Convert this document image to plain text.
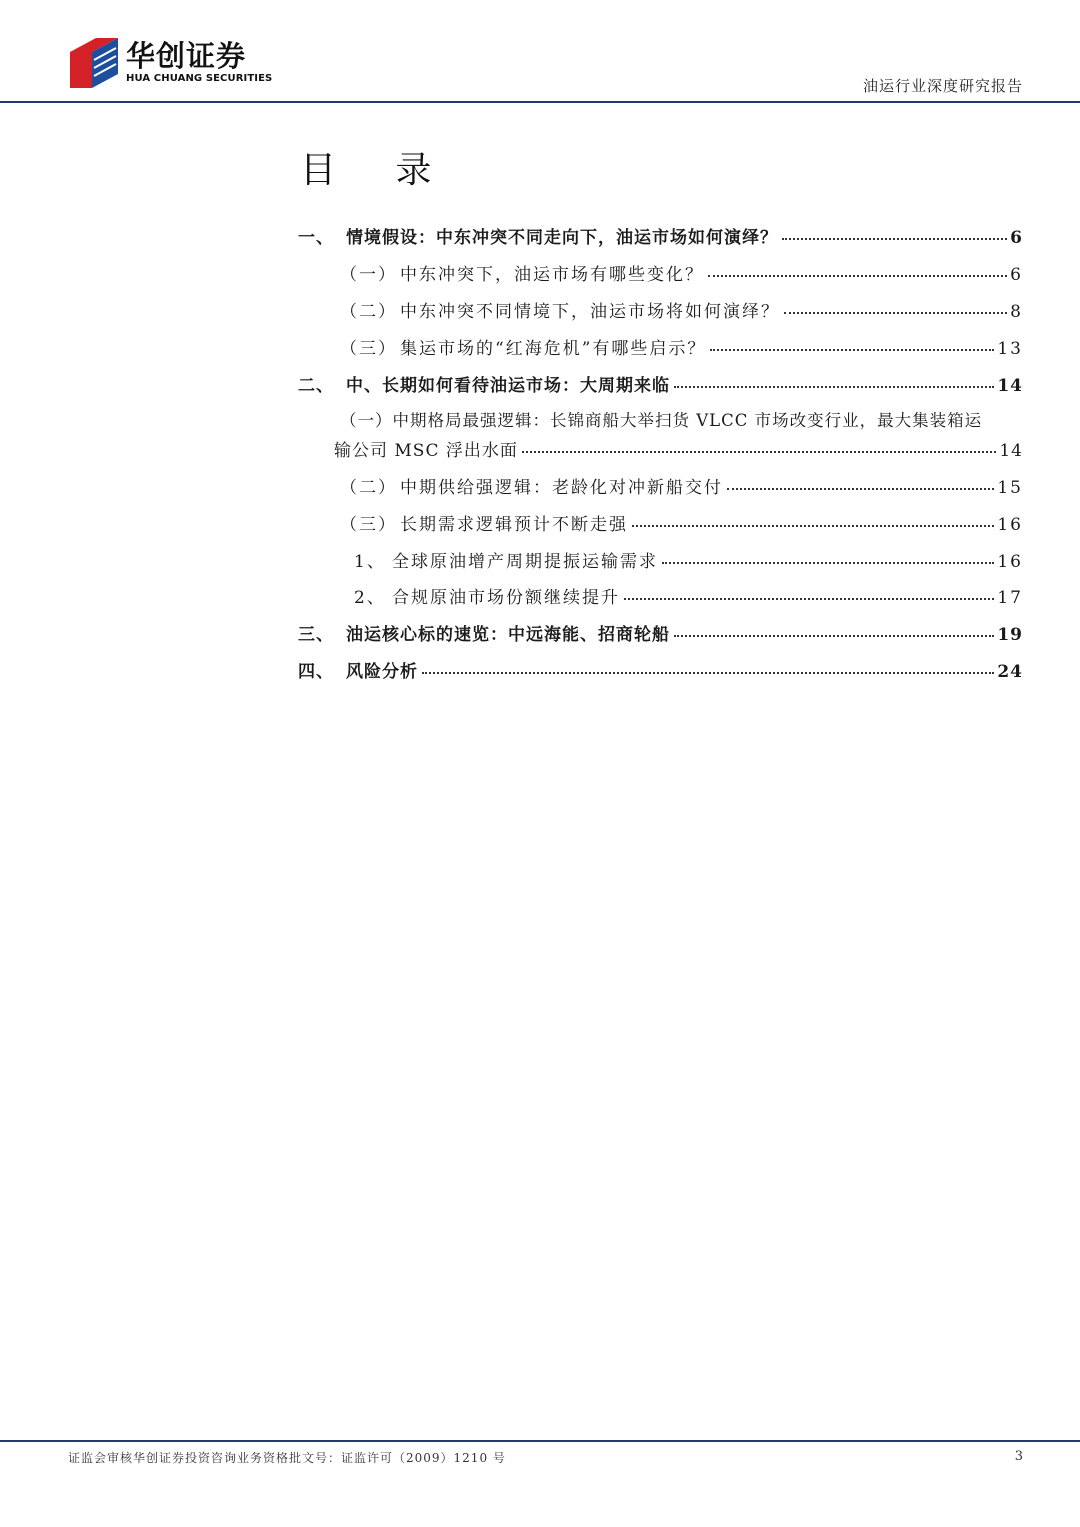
华创证券
HUA CHUANG SECURITIES	油运行业深度研究报告
目 录
一、 情境假设：中东冲突不同走向下，油运市场如何演绎？	6
（一） 中东冲突下，油运市场有哪些变化？	6
（二） 中东冲突不同情境下，油运市场将如何演绎？	8
（三） 集运市场的“红海危机”有哪些启示？	13
二、 中、长期如何看待油运市场：大周期来临	14
（一）中期格局最强逻辑：长锦商船大举扫货 VLCC 市场改变行业，最大集装箱运
输公司 MSC 浮出水面	14
（二） 中期供给强逻辑：老龄化对冲新船交付	15
（三） 长期需求逻辑预计不断走强	16
1、 全球原油增产周期提振运输需求	16
2、 合规原油市场份额继续提升	17
三、 油运核心标的速览：中远海能、招商轮船	19
四、 风险分析	24
证监会审核华创证券投资咨询业务资格批文号：证监许可（2009）1210 号	3
